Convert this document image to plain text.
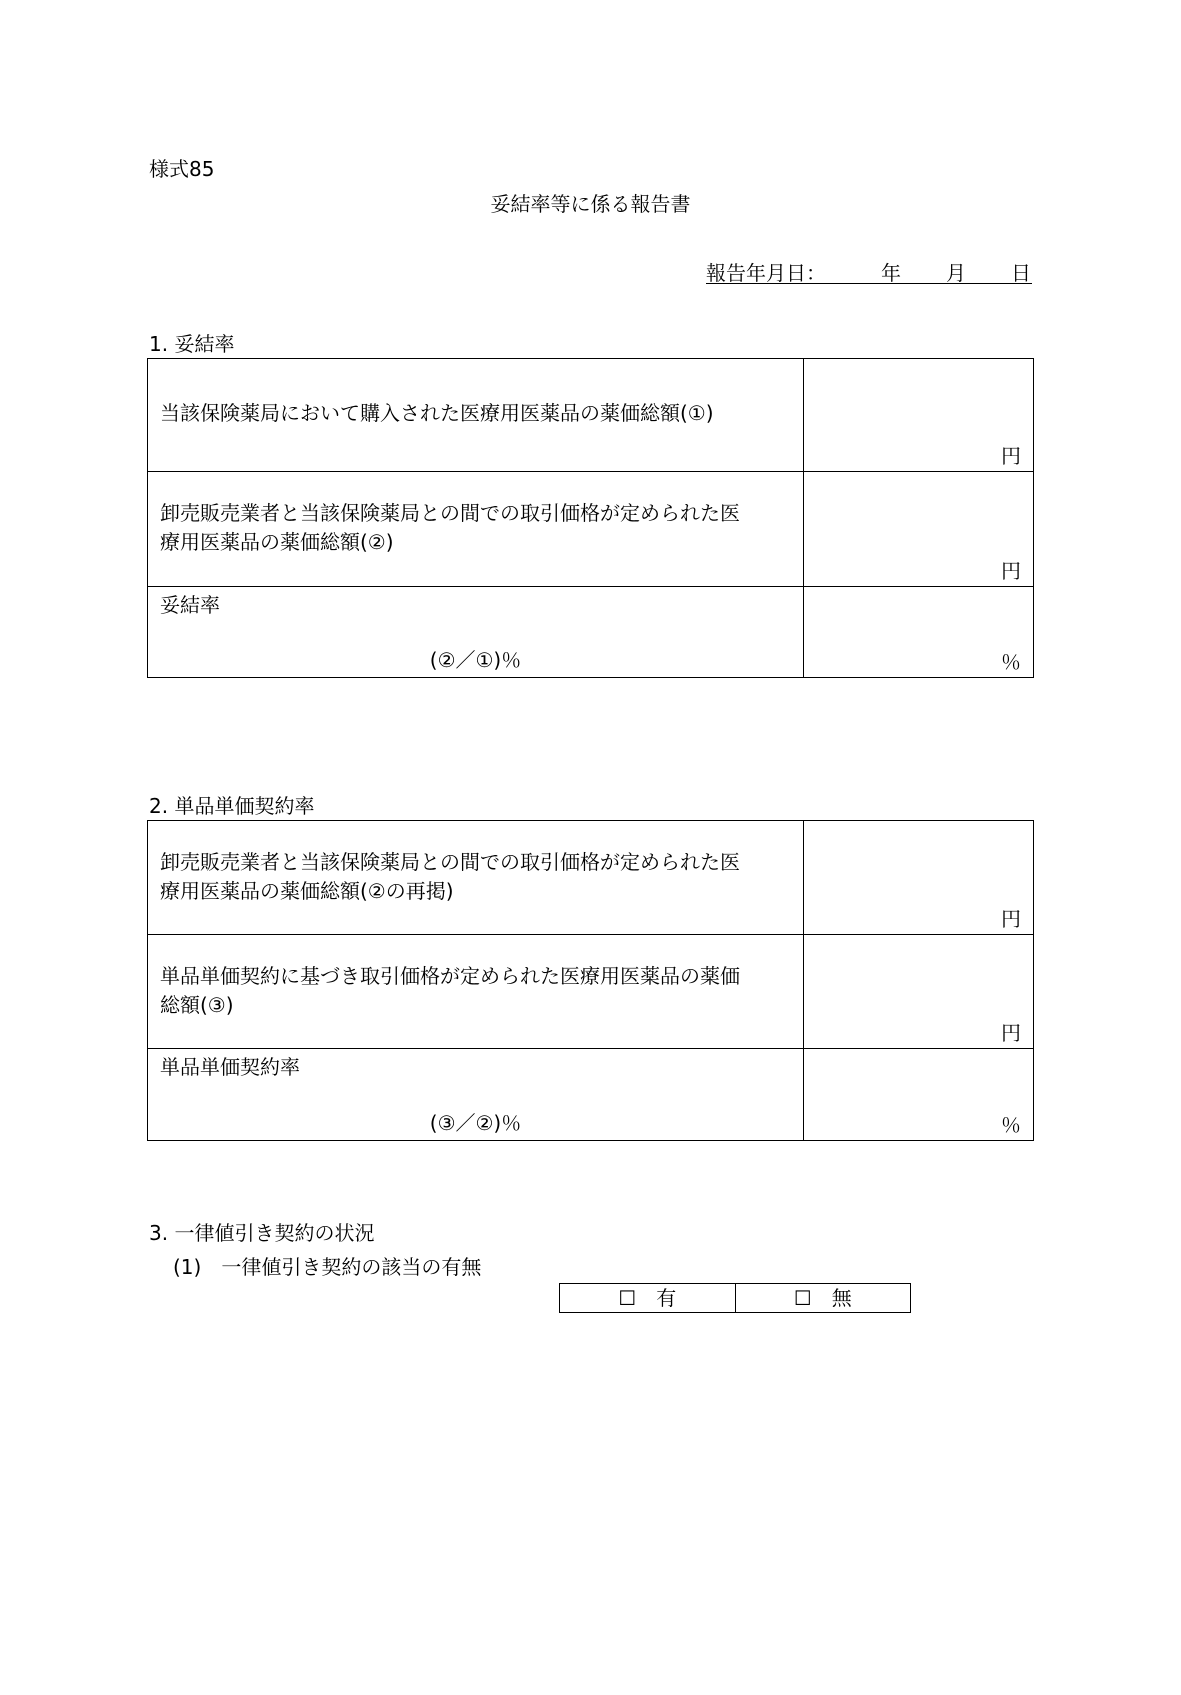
様式85
妥結率等に係る報告書
報告年月日：	年 月 日
1. 妥結率
当該保険薬局において購入された医療用医薬品の薬価総額(①)	円

卸売販売業者と当該保険薬局との間での取引価格が定められた医
療用医薬品の薬価総額(②)	円

妥結率
(②／①)％	％
2. 単品単価契約率
卸売販売業者と当該保険薬局との間での取引価格が定められた医
療用医薬品の薬価総額(②の再掲)	円

単品単価契約に基づき取引価格が定められた医療用医薬品の薬価
総額(③)	円

単品単価契約率
(③／②)％	％
3. 一律値引き契約の状況
(1)　一律値引き契約の該当の有無
☐　有	☐　無
